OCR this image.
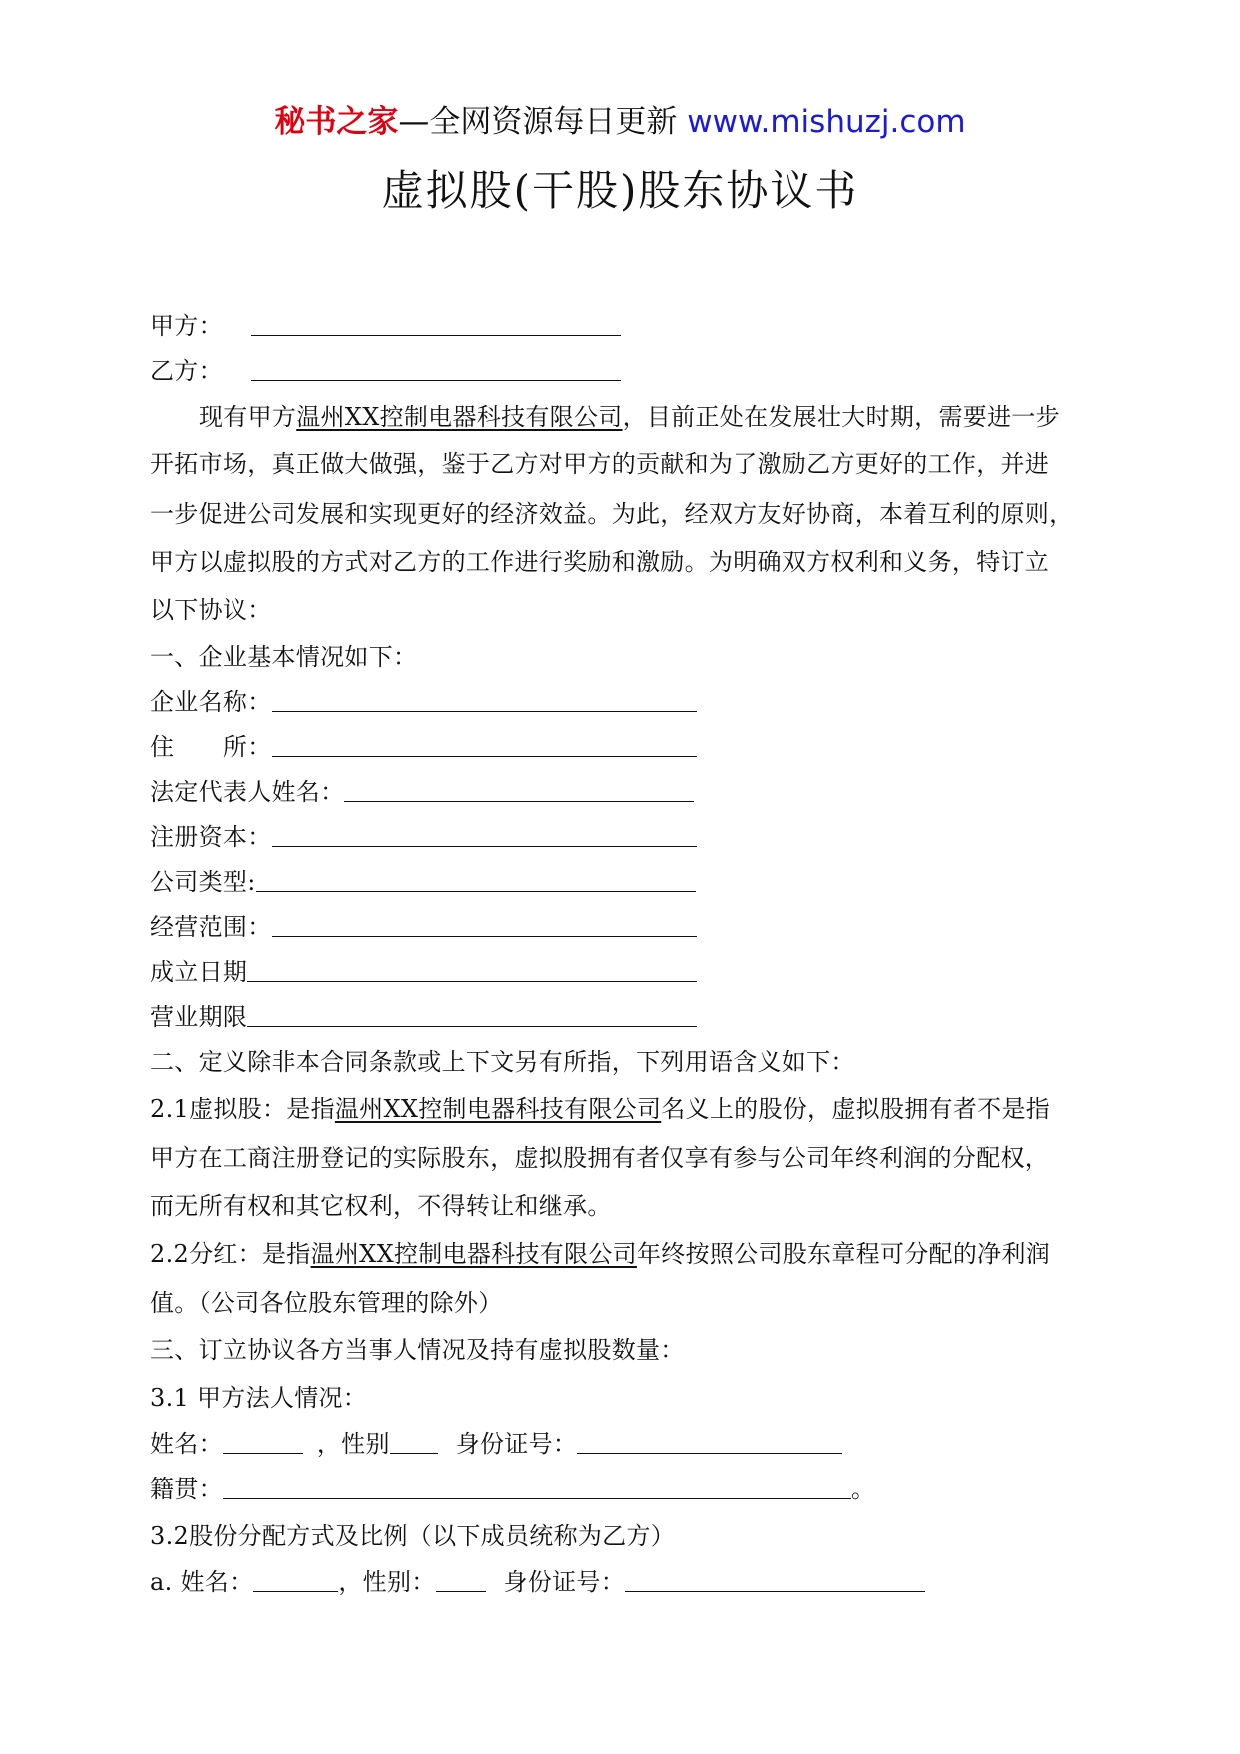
秘书之家—全网资源每日更新 www.mishuzj.com
虚拟股(干股)股东协议书
甲方：
乙方：
现有甲方温州XX控制电器科技有限公司，目前正处在发展壮大时期，需要进一步
开拓市场，真正做大做强，鉴于乙方对甲方的贡献和为了激励乙方更好的工作，并进
一步促进公司发展和实现更好的经济效益。为此，经双方友好协商，本着互利的原则，
甲方以虚拟股的方式对乙方的工作进行奖励和激励。为明确双方权利和义务，特订立
以下协议：
一、企业基本情况如下：
企业名称：
住　　所：
法定代表人姓名：
注册资本：
公司类型:
经营范围：
成立日期
营业期限
二、定义除非本合同条款或上下文另有所指，下列用语含义如下：
2.1虚拟股：是指温州XX控制电器科技有限公司名义上的股份，虚拟股拥有者不是指
甲方在工商注册登记的实际股东，虚拟股拥有者仅享有参与公司年终利润的分配权，
而无所有权和其它权利，不得转让和继承。
2.2分红：是指温州XX控制电器科技有限公司年终按照公司股东章程可分配的净利润
值。（公司各位股东管理的除外）
三、订立协议各方当事人情况及持有虚拟股数量：
3.1 甲方法人情况：
姓名：	，性别	身份证号：
籍贯：	。
3.2股份分配方式及比例（以下成员统称为乙方）
a. 姓名：	，性别：	身份证号：
